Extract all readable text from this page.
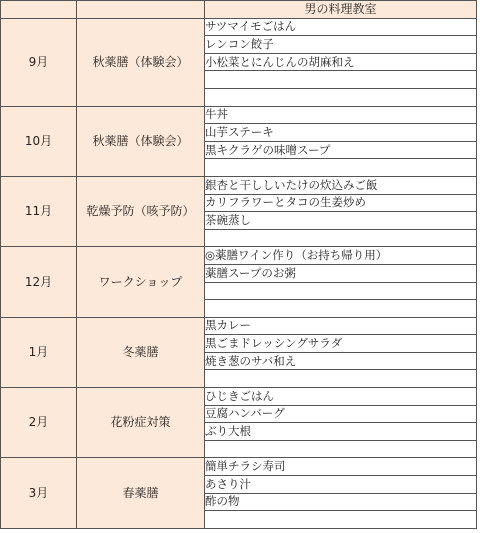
		男の料理教室
9月	秋薬膳（体験会）	サツマイモごはん
		レンコン餃子
		小松菜とにんじんの胡麻和え

10月	秋薬膳（体験会）	牛丼
		山芋ステーキ
		黒キクラゲの味噌スープ

11月	乾燥予防（咳予防）	銀杏と干ししいたけの炊込みご飯
		カリフラワーとタコの生姜炒め
		茶碗蒸し

12月	ワークショップ	◎薬膳ワイン作り（お持ち帰り用）
		薬膳スープのお粥

1月	冬薬膳	黒カレー
		黒ごまドレッシングサラダ
		焼き葱のサバ和え

2月	花粉症対策	ひじきごはん
		豆腐ハンバーグ
		ぶり大根

3月	春薬膳	簡単チラシ寿司
		あさり汁
		酢の物
